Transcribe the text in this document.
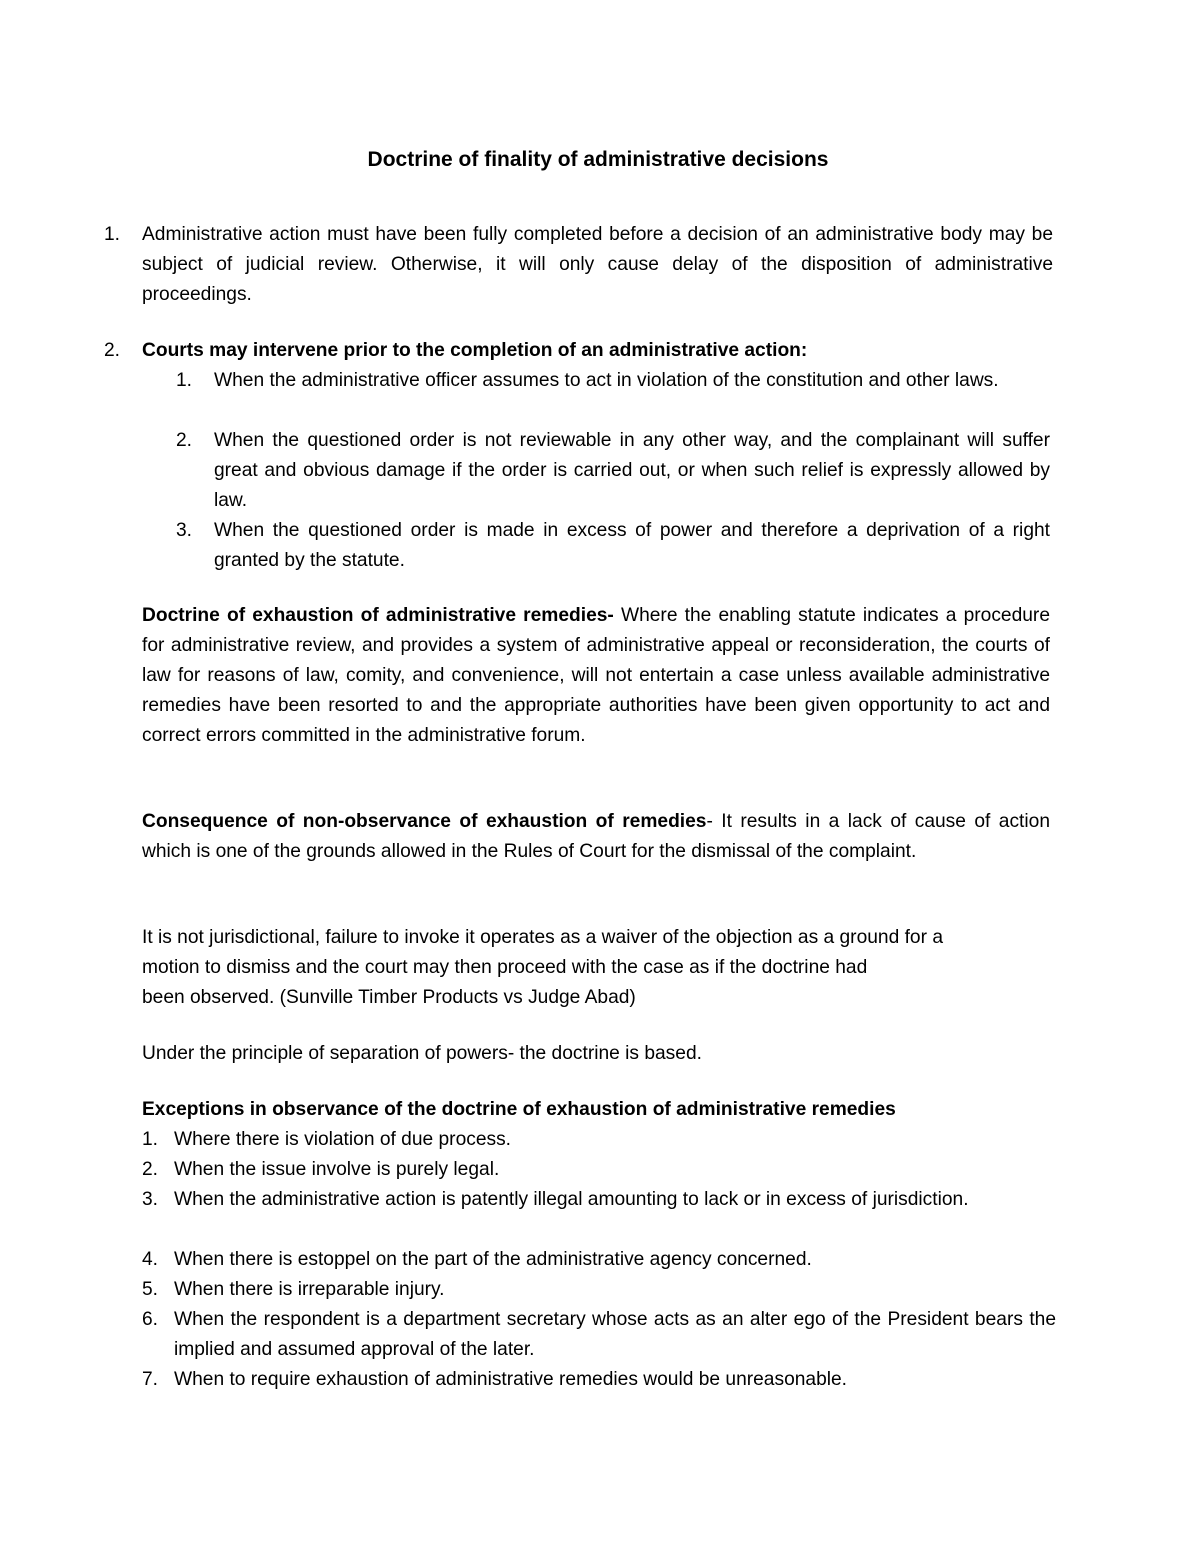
Doctrine of finality of administrative decisions
1. Administrative action must have been fully completed before a decision of an administrative body may be subject of judicial review. Otherwise, it will only cause delay of the disposition of administrative proceedings.

2. Courts may intervene prior to the completion of an administrative action:

1. When the administrative officer assumes to act in violation of the constitution and other laws.

2. When the questioned order is not reviewable in any other way, and the complainant will suffer great and obvious damage if the order is carried out, or when such relief is expressly allowed by law.

3. When the questioned order is made in excess of power and therefore a deprivation of a right granted by the statute.

Doctrine of exhaustion of administrative remedies- Where the enabling statute indicates a procedure for administrative review, and provides a system of administrative appeal or reconsideration, the courts of law for reasons of law, comity, and convenience, will not entertain a case unless available administrative remedies have been resorted to and the appropriate authorities have been given opportunity to act and correct errors committed in the administrative forum.

Consequence of non-observance of exhaustion of remedies- It results in a lack of cause of action which is one of the grounds allowed in the Rules of Court for the dismissal of the complaint.

It is not jurisdictional, failure to invoke it operates as a waiver of the objection as a ground for a
motion to dismiss and the court may then proceed with the case as if the doctrine had
been observed. (Sunville Timber Products vs Judge Abad)

Under the principle of separation of powers- the doctrine is based.

Exceptions in observance of the doctrine of exhaustion of administrative remedies

1. Where there is violation of due process.

2. When the issue involve is purely legal.

3. When the administrative action is patently illegal amounting to lack or in excess of jurisdiction.

4. When there is estoppel on the part of the administrative agency concerned.

5. When there is irreparable injury.

6. When the respondent is a department secretary whose acts as an alter ego of the President bears the implied and assumed approval of the later.

7. When to require exhaustion of administrative remedies would be unreasonable.
